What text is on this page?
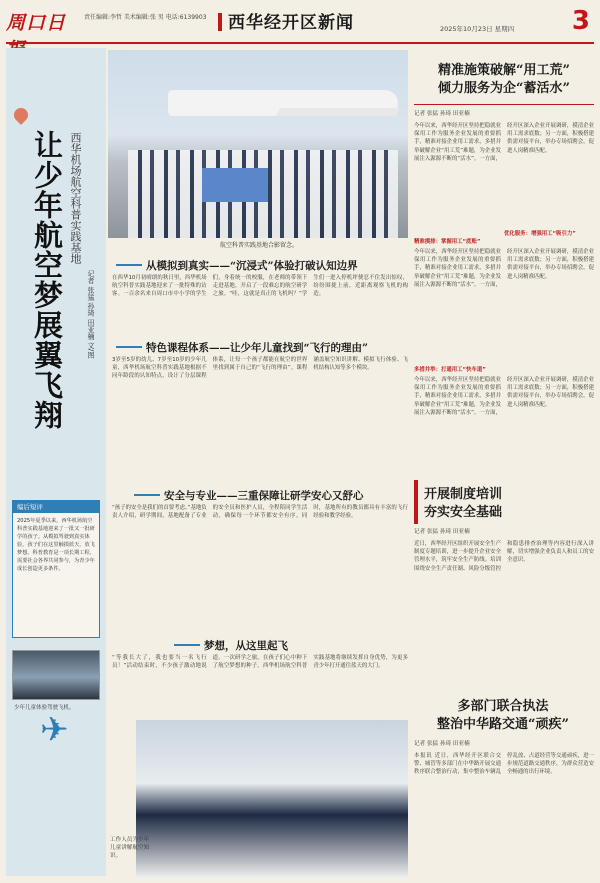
周口日	责任编辑:李哲 美术编辑:张 男 电话:6139903	西华经开区新闻	2025年10月23日 星期四 3
让少年航空梦展翼飞翔 西华机场航空科普实践基地
记者 张猛 孙琦 田亚楠 文/图
编后短评
2025年夏季以来，西华机场航空科普实践基地迎来了一批又一批研学的孩子。从模拟驾驶到真实体验，孩子们在这里触摸蓝天、放飞梦想。科普教育是一项长期工程，需要社会各界共同参与，为青少年成长创造更多条件。
少年儿童体验驾驶飞机。
✈
航空科普实践基地合影留念。
从模拟到真实——“沉浸式”体验打破认知边界
在西华10月初晴朗的秋日里，西华机场航空科普实践基地迎来了一批特殊的访客。一百余名来自周口市中小学的学生们，身着统一的校服，在老师的带领下走进基地，开启了一段难忘的航空研学之旅。“哇，这就是真正的飞机吗？”学生们一进入停机坪便忍不住发出惊叹，纷纷围拢上前，近距离观察飞机的构造。
特色课程体系——让少年儿童找到“飞行的理由”
3岁至5岁的幼儿、7岁至10岁的少年儿童，西华机场航空科普实践基地根据不同年龄段的认知特点，设计了分层课程体系，让每一个孩子都能在航空的世界里找到属于自己的“飞行的理由”。课程涵盖航空知识讲解、模拟飞行体验、飞机结构认知等多个模块。
安全与专业——三重保障让研学安心又舒心
“孩子的安全是我们的首要考虑。”基地负责人介绍，研学期间，基地配备了专业的安全员和医护人员，全程陪同学生活动，确保每一个环节都安全有序。同时，基地所有的教员都具有丰富的飞行经验和教学经验。
梦想，从这里起飞
“等我长大了，我也要当一名飞行员！”活动结束时，不少孩子激动地说道。一次研学之旅，在孩子们心中种下了航空梦想的种子。西华机场航空科普实践基地将继续发挥自身优势，为更多青少年打开通往蓝天的大门。
工作人员为少年儿童讲解航空知识。
精准施策破解“用工荒”
倾力服务为企“蓄活水”
记者 张猛 孙琦 田亚楠
今年以来，西华经开区坚持把稳就业保用工作为服务企业发展的重要抓手，精准对接企业用工需求，多措并举破解企业“用工荒”难题，为企业发展注入源源不断的“活水”。一方面，经开区深入企业开展调研，摸清企业用工需求底数；另一方面，积极搭建供需对接平台，举办专场招聘会，促进人岗精准匹配。
精准摸排：掌握用工“底账”
今年以来，西华经开区坚持把稳就业保用工作为服务企业发展的重要抓手，精准对接企业用工需求，多措并举破解企业“用工荒”难题，为企业发展注入源源不断的“活水”。一方面，经开区深入企业开展调研，摸清企业用工需求底数；另一方面，积极搭建供需对接平台，举办专场招聘会，促进人岗精准匹配。
多措并举：打通用工“快车道”
优化服务：增强用工“吸引力”
今年以来，西华经开区坚持把稳就业保用工作为服务企业发展的重要抓手，精准对接企业用工需求，多措并举破解企业“用工荒”难题，为企业发展注入源源不断的“活水”。一方面，经开区深入企业开展调研，摸清企业用工需求底数；另一方面，积极搭建供需对接平台，举办专场招聘会，促进人岗精准匹配。
开展制度培训
夯实安全基础
记者 张猛 孙琦 田亚楠
近日，西华经开区组织开展安全生产制度专题培训，进一步提升企业安全管理水平，筑牢安全生产防线。培训围绕安全生产责任制、风险分级管控和隐患排查治理等内容进行深入讲解，切实增强企业负责人和员工的安全意识。
多部门联合执法
整治中华路交通“顽疾”
记者 张猛 孙琦 田亚楠
本报讯 近日，西华经开区联合交警、城管等多部门在中华路开展交通秩序联合整治行动，集中整治车辆乱停乱放、占道经营等交通顽疾，进一步规范道路交通秩序，为群众营造安全畅通的出行环境。
